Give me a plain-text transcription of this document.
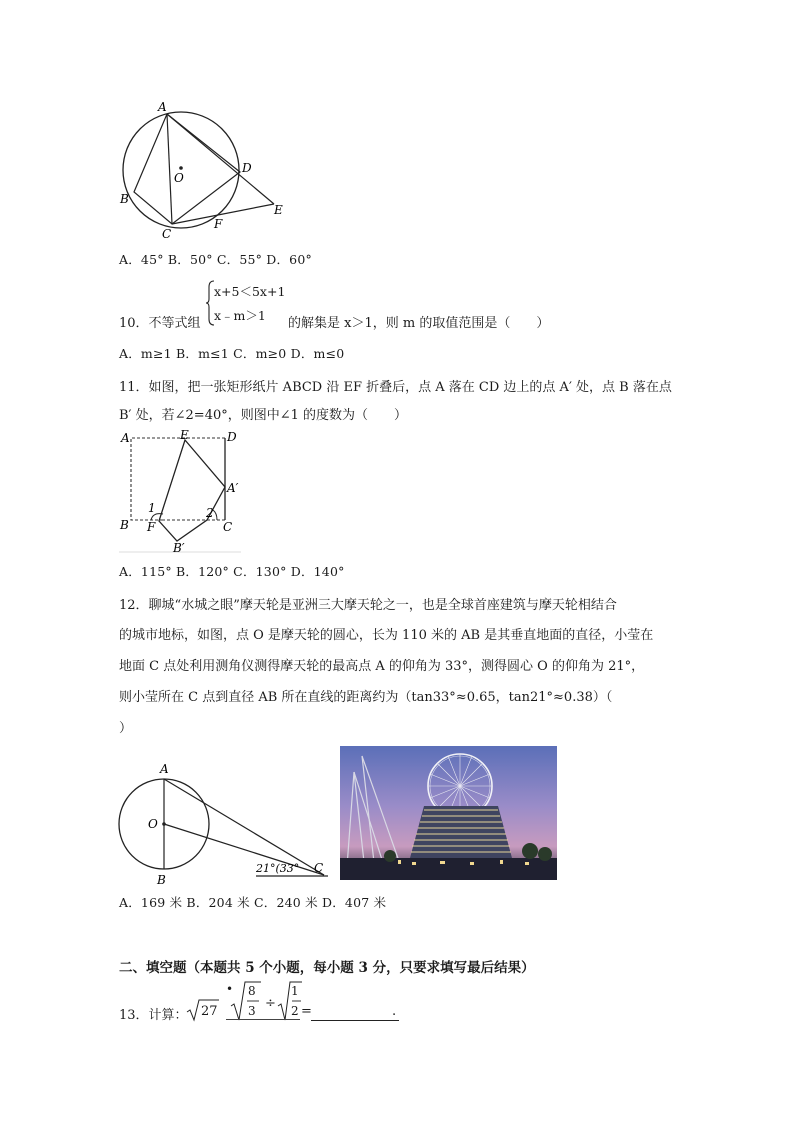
A
B
C
D
E
F
O
A．45° B．50° C．55° D．60°
10．不等式组
x+5＜5x+1
x﹣m＞1
的解集是 x＞1，则 m 的取值范围是（　　）
A．m≥1 B．m≤1 C．m≥0 D．m≤0
11．如图，把一张矩形纸片 ABCD 沿 EF 折叠后，点 A 落在 CD 边上的点 A′ 处，点 B 落在点
B′ 处，若∠2=40°，则图中∠1 的度数为（　　）
A	E	D
A′
B F	C
B′
1	2
A．115° B．120° C．130° D．140°
12．聊城“水城之眼”摩天轮是亚洲三大摩天轮之一，也是全球首座建筑与摩天轮相结合
的城市地标，如图，点 O 是摩天轮的圆心，长为 110 米的 AB 是其垂直地面的直径，小莹在
地面 C 点处利用测角仪测得摩天轮的最高点 A 的仰角为 33°，测得圆心 O 的仰角为 21°，
则小莹所在 C 点到直径 AB 所在直线的距离约为（tan33°≈0.65，tan21°≈0.38）（
）
A
O
B
C
21°(33°
A．169 米 B．204 米 C．240 米 D．407 米
二、填空题（本题共 5 个小题，每小题 3 分，只要求填写最后结果）
13．计算： 27
• 8
3 ÷
1
2 =	.
